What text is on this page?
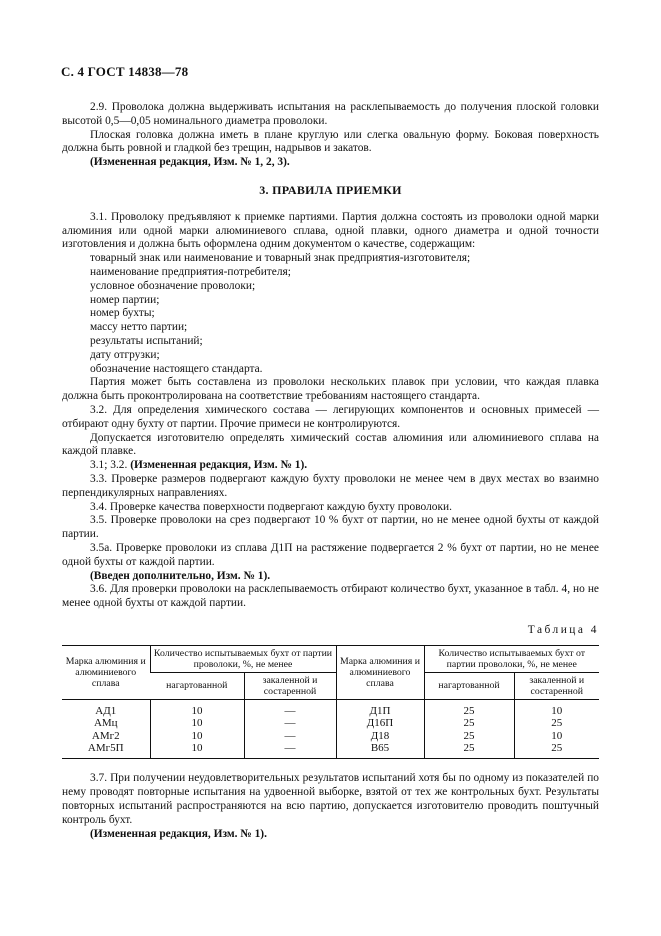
С. 4 ГОСТ 14838—78

2.9. Проволока должна выдерживать испытания на расклепываемость до получения плоской головки высотой 0,5—0,05 номинального диаметра проволоки.

Плоская головка должна иметь в плане круглую или слегка овальную форму. Боковая поверхность должна быть ровной и гладкой без трещин, надрывов и закатов.

(Измененная редакция, Изм. № 1, 2, 3).

3. ПРАВИЛА ПРИЕМКИ

3.1. Проволоку предъявляют к приемке партиями. Партия должна состоять из проволоки одной марки алюминия или одной марки алюминиевого сплава, одной плавки, одного диаметра и одной точности изготовления и должна быть оформлена одним документом о качестве, содержащим:

товарный знак или наименование и товарный знак предприятия-изготовителя;

наименование предприятия-потребителя;

условное обозначение проволоки;

номер партии;

номер бухты;

массу нетто партии;

результаты испытаний;

дату отгрузки;

обозначение настоящего стандарта.

Партия может быть составлена из проволоки нескольких плавок при условии, что каждая плавка должна быть проконтролирована на соответствие требованиям настоящего стандарта.

3.2. Для определения химического состава — легирующих компонентов и основных примесей — отбирают одну бухту от партии. Прочие примеси не контролируются.

Допускается изготовителю определять химический состав алюминия или алюминиевого сплава на каждой плавке.

3.1; 3.2. (Измененная редакция, Изм. № 1).

3.3. Проверке размеров подвергают каждую бухту проволоки не менее чем в двух местах во взаимно перпендикулярных направлениях.

3.4. Проверке качества поверхности подвергают каждую бухту проволоки.

3.5. Проверке проволоки на срез подвергают 10 % бухт от партии, но не менее одной бухты от каждой партии.

3.5а. Проверке проволоки из сплава Д1П на растяжение подвергается 2 % бухт от партии, но не менее одной бухты от каждой партии.

(Введен дополнительно, Изм. № 1).

3.6. Для проверки проволоки на расклепываемость отбирают количество бухт, указанное в табл. 4, но не менее одной бухты от каждой партии.

Таблица 4

Марка алюминия и алюминиевого сплава	Количество испытываемых бухт от партии проволоки, %, не менее		Марка алюминия и алюминиевого сплава	Количество испытываемых бухт от партии проволоки, %, не менее	
	нагартованной	закаленной и состаренной		нагартованной	закаленной и состаренной
АД1	10	—	Д1П	25	10
АМц	10	—	Д16П	25	25
АМг2	10	—	Д18	25	10
АМг5П	10	—	В65	25	25

3.7. При получении неудовлетворительных результатов испытаний хотя бы по одному из показателей по нему проводят повторные испытания на удвоенной выборке, взятой от тех же контрольных бухт. Результаты повторных испытаний распространяются на всю партию, допускается изготовителю проводить поштучный контроль бухт.

(Измененная редакция, Изм. № 1).
